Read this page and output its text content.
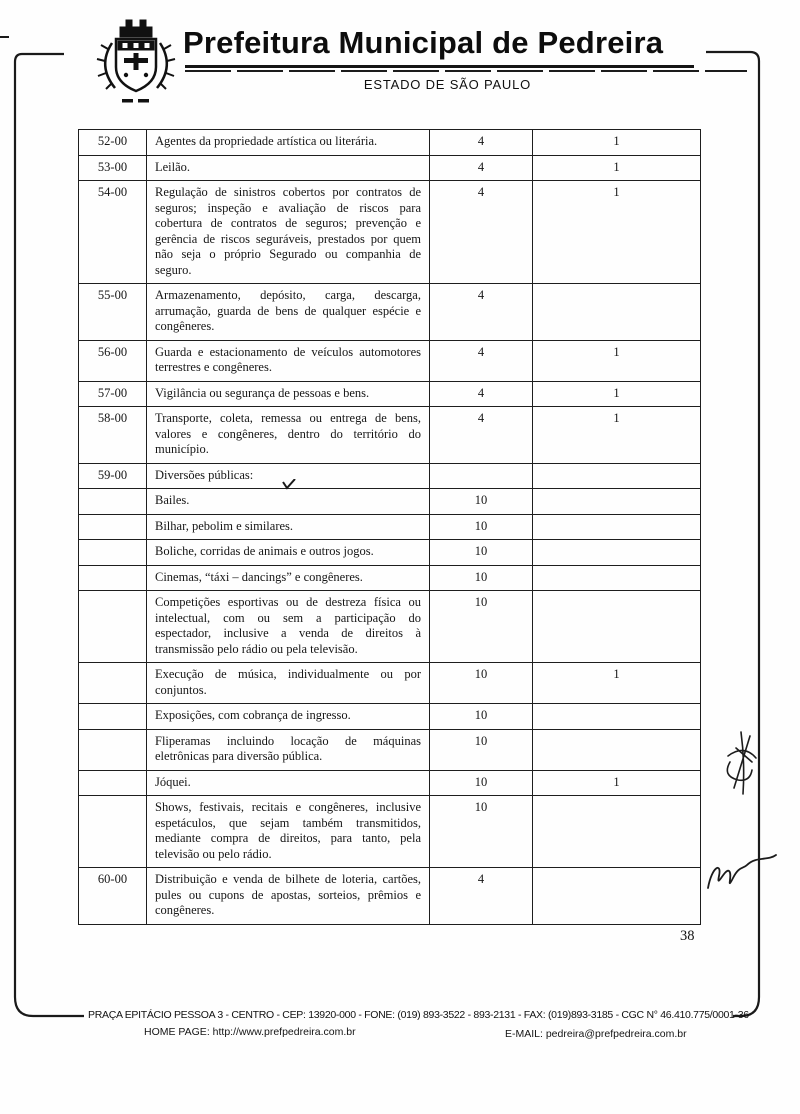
Prefeitura Municipal de Pedreira
ESTADO DE SÃO PAULO
52-00	Agentes da propriedade artística ou literária.	4	1
53-00	Leilão.	4	1
54-00	Regulação de sinistros cobertos por contratos de seguros; inspeção e avaliação de riscos para cobertura de contratos de seguros; prevenção e gerência de riscos seguráveis, prestados por quem não seja o próprio Segurado ou companhia de seguro.	4	1
55-00	Armazenamento, depósito, carga, descarga, arrumação, guarda de bens de qualquer espécie e congêneres.	4	
56-00	Guarda e estacionamento de veículos automotores terrestres e congêneres.	4	1
57-00	Vigilância ou segurança de pessoas e bens.	4	1
58-00	Transporte, coleta, remessa ou entrega de bens, valores e congêneres, dentro do território do município.	4	1
59-00	Diversões públicas:		
	Bailes.	10	
	Bilhar, pebolim e similares.	10	
	Boliche, corridas de animais e outros jogos.	10	
	Cinemas, “táxi – dancings” e congêneres.	10	
	Competições esportivas ou de destreza física ou intelectual, com ou sem a participação do espectador, inclusive a venda de direitos à transmissão pelo rádio ou pela televisão.	10	
	Execução de música, individualmente ou por conjuntos.	10	1
	Exposições, com cobrança de ingresso.	10	
	Fliperamas incluindo locação de máquinas eletrônicas para diversão pública.	10	
	Jóquei.	10	1
	Shows, festivais, recitais e congêneres, inclusive espetáculos, que sejam também transmitidos, mediante compra de direitos, para tanto, pela televisão ou pelo rádio.	10	
60-00	Distribuição e venda de bilhete de loteria, cartões, pules ou cupons de apostas, sorteios, prêmios e congêneres.	4	
38
PRAÇA EPITÁCIO PESSOA 3 - CENTRO - CEP: 13920-000 - FONE: (019) 893-3522 - 893-2131 - FAX: (019)893-3185 - CGC N° 46.410.775/0001-36
HOME PAGE: http://www.prefpedreira.com.br	E-MAIL: pedreira@prefpedreira.com.br
